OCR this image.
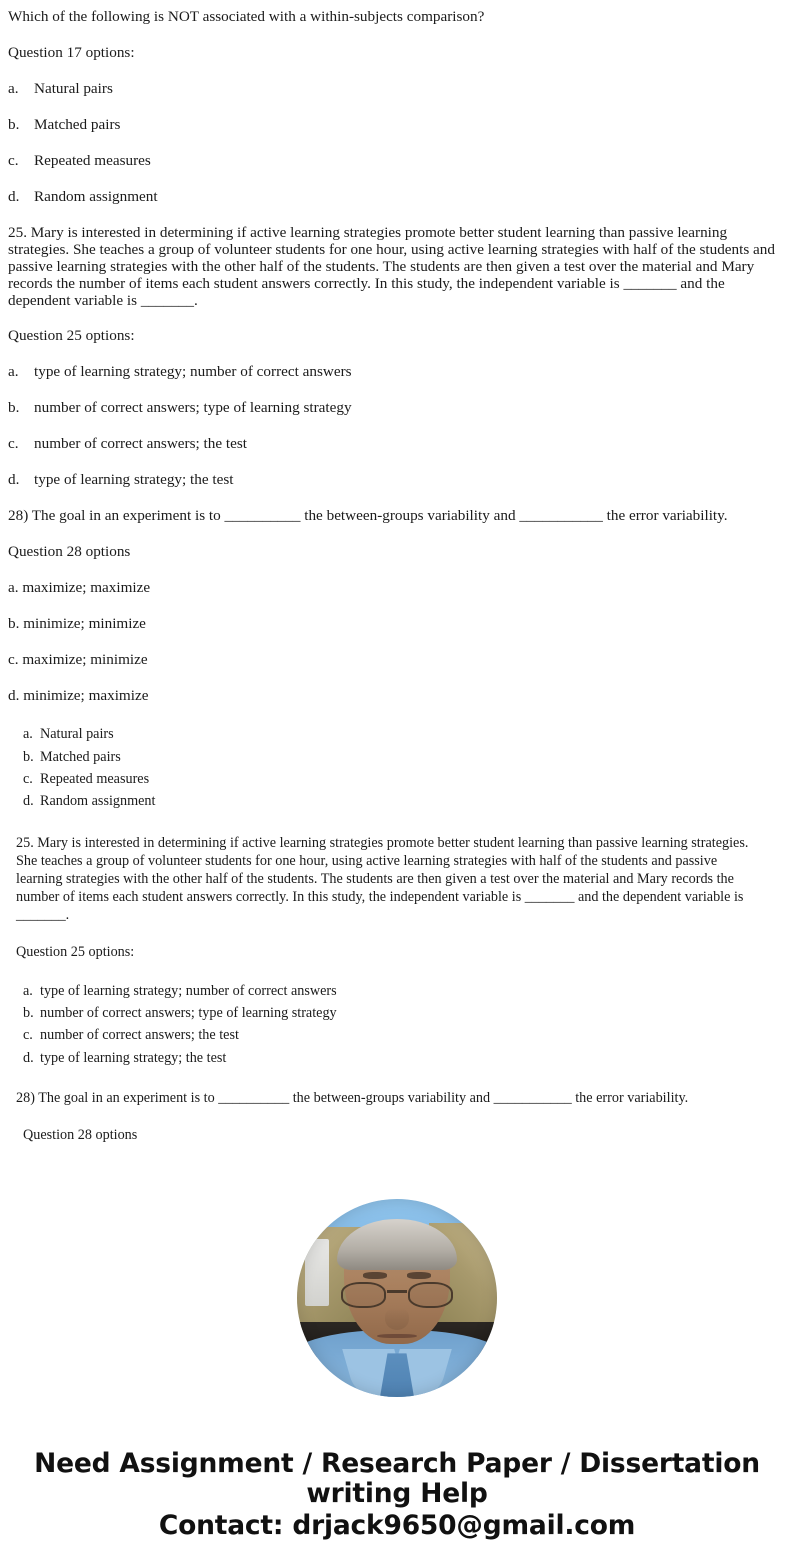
Which of the following is NOT associated with a within-subjects comparison?

Question 17 options:

a.	Natural pairs
b. Matched pairs
c.	Repeated measures
d. Random assignment

25. Mary is interested in determining if active learning strategies promote better student learning than passive learning strategies. She teaches a group of volunteer students for one hour, using active learning strategies with half of the students and passive learning strategies with the other half of the students. The students are then given a test over the material and Mary records the number of items each student answers correctly. In this study, the independent variable is _______ and the dependent variable is _______.

Question 25 options:

a.	type of learning strategy; number of correct answers
b. number of correct answers; type of learning strategy
c.	number of correct answers; the test
d. type of learning strategy; the test

28) The goal in an experiment is to __________ the between-groups variability and ___________ the error variability.

Question 28 options

a. maximize; maximize

b. minimize; minimize

c. maximize; minimize

d. minimize; maximize

a. Natural pairs
b. Matched pairs
c. Repeated measures
d. Random assignment

25. Mary is interested in determining if active learning strategies promote better student learning than passive learning strategies. She teaches a group of volunteer students for one hour, using active learning strategies with half of the students and passive learning strategies with the other half of the students. The students are then given a test over the material and Mary records the number of items each student answers correctly. In this study, the independent variable is _______ and the dependent variable is _______.

Question 25 options:

a. type of learning strategy; number of correct answers
b. number of correct answers; type of learning strategy
c. number of correct answers; the test
d. type of learning strategy; the test

28) The goal in an experiment is to __________ the between-groups variability and ___________ the error variability.

Question 28 options

Need Assignment / Research Paper / Dissertation writing Help
Contact: drjack9650@gmail.com
